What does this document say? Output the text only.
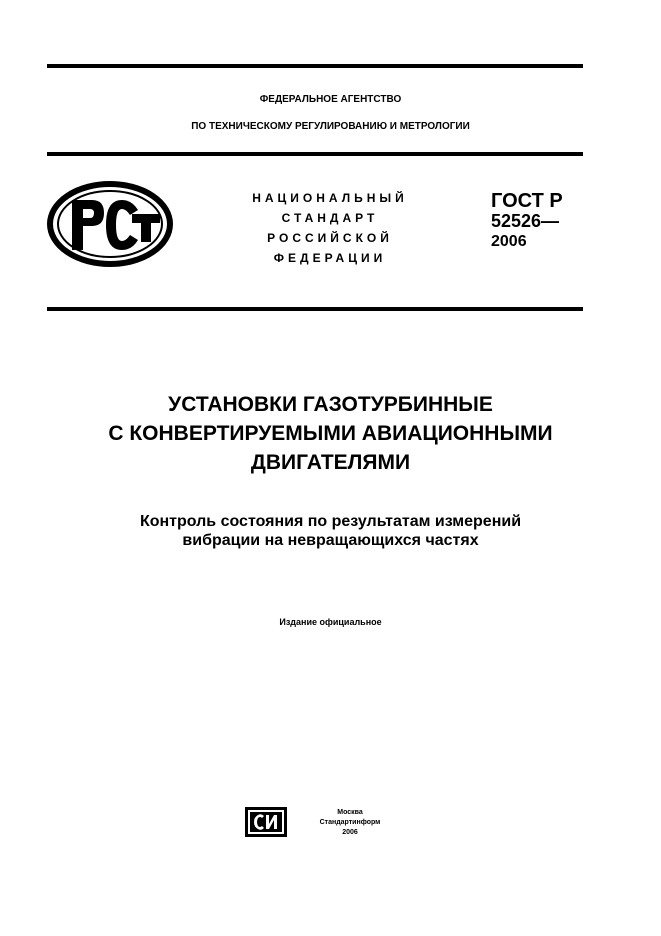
ФЕДЕРАЛЬНОЕ АГЕНТСТВО
ПО ТЕХНИЧЕСКОМУ РЕГУЛИРОВАНИЮ И МЕТРОЛОГИИ
НАЦИОНАЛЬНЫЙ
СТАНДАРТ
РОССИЙСКОЙ
ФЕДЕРАЦИИ
ГОСТ Р
52526—
2006
УСТАНОВКИ ГАЗОТУРБИННЫЕ
С КОНВЕРТИРУЕМЫМИ АВИАЦИОННЫМИ
ДВИГАТЕЛЯМИ
Контроль состояния по результатам измерений
вибрации на невращающихся частях
Издание официальное
Москва
Стандартинформ
2006
